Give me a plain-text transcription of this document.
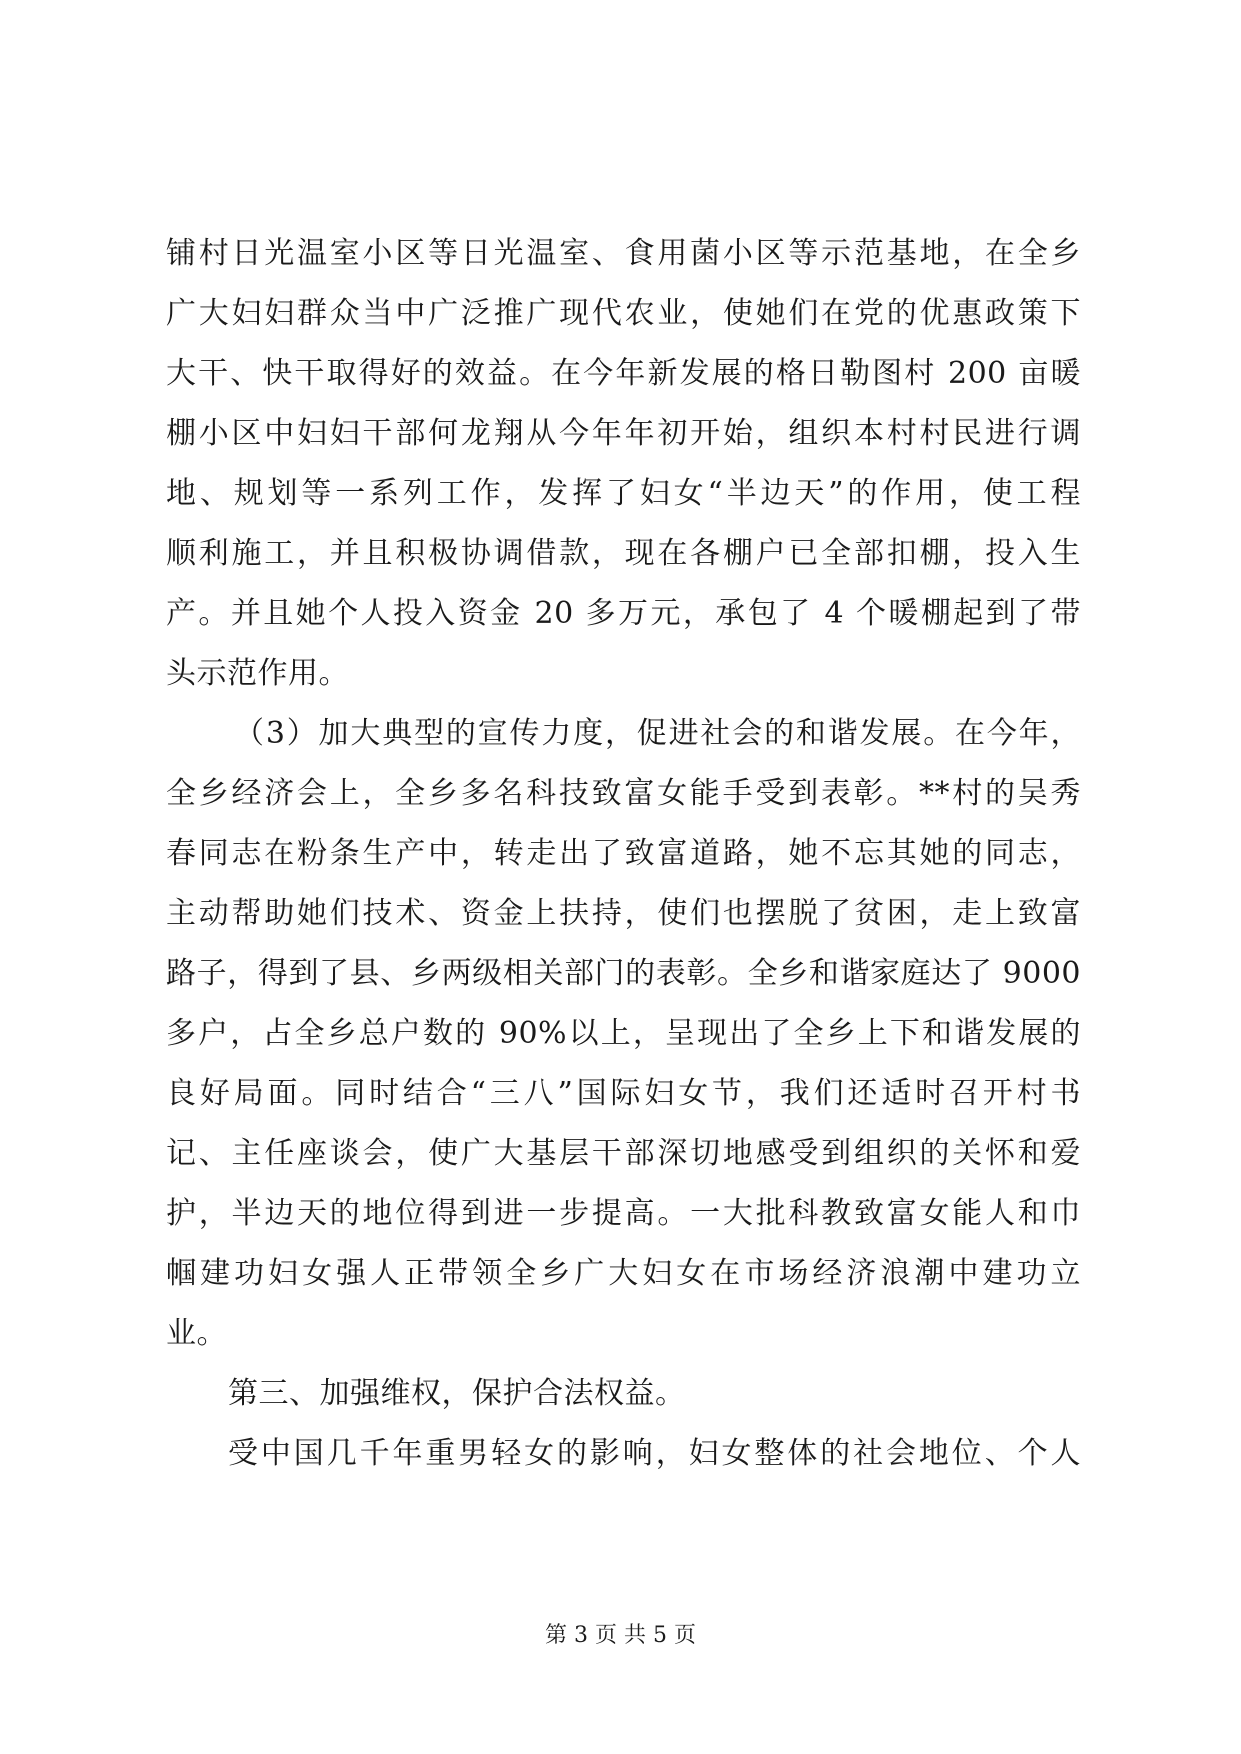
铺村日光温室小区等日光温室、食用菌小区等示范基地，在全乡
广大妇妇群众当中广泛推广现代农业，使她们在党的优惠政策下
大干、快干取得好的效益。在今年新发展的格日勒图村 200 亩暖
棚小区中妇妇干部何龙翔从今年年初开始，组织本村村民进行调
地、规划等一系列工作，发挥了妇女“半边天”的作用，使工程
顺利施工，并且积极协调借款，现在各棚户已全部扣棚，投入生
产。并且她个人投入资金 20 多万元，承包了 4 个暖棚起到了带
头示范作用。
（3）加大典型的宣传力度，促进社会的和谐发展。在今年，
全乡经济会上，全乡多名科技致富女能手受到表彰。**村的吴秀
春同志在粉条生产中，转走出了致富道路，她不忘其她的同志，
主动帮助她们技术、资金上扶持，使们也摆脱了贫困，走上致富
路子，得到了县、乡两级相关部门的表彰。全乡和谐家庭达了 9000
多户，占全乡总户数的 90%以上，呈现出了全乡上下和谐发展的
良好局面。同时结合“三八”国际妇女节，我们还适时召开村书
记、主任座谈会，使广大基层干部深切地感受到组织的关怀和爱
护，半边天的地位得到进一步提高。一大批科教致富女能人和巾
帼建功妇女强人正带领全乡广大妇女在市场经济浪潮中建功立
业。
第三、加强维权，保护合法权益。
受中国几千年重男轻女的影响，妇女整体的社会地位、个人
第 3 页 共 5 页
